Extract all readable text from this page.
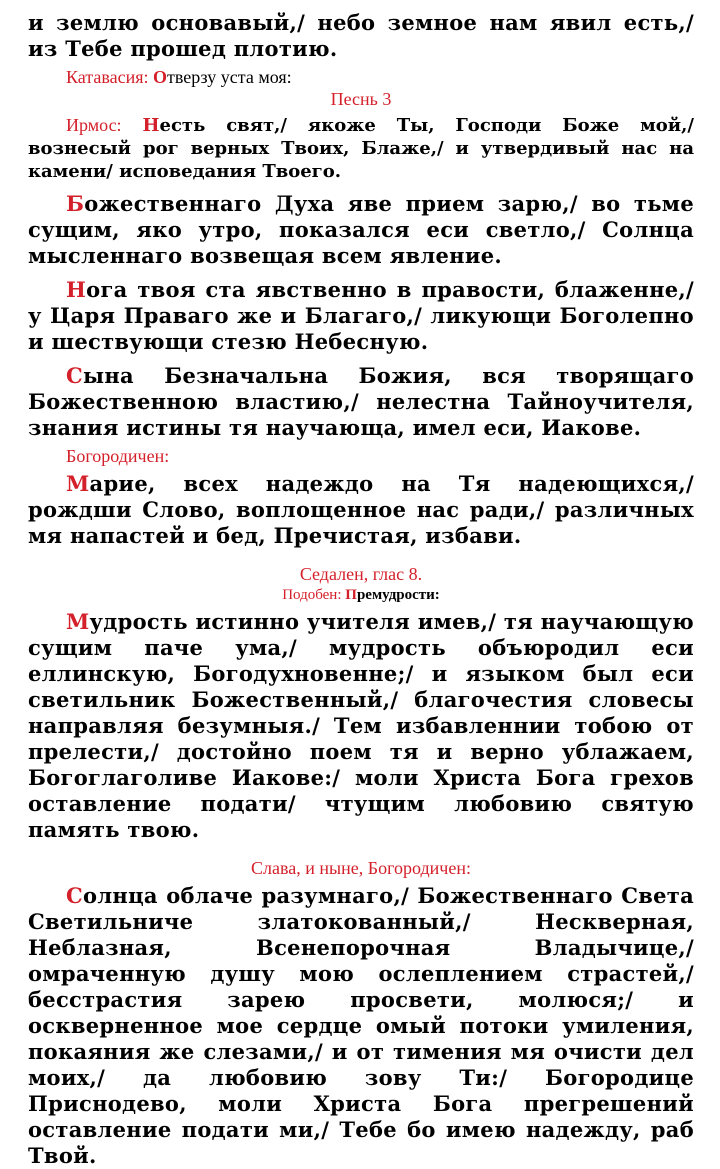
и землю основавый,/ небо земное нам явил есть,/ из Тебе прошед плотию.

Катавасия: Отверзу уста моя:

Песнь 3

Ирмос: Несть свят,/ якоже Ты, Господи Боже мой,/ вознесый рог верных Твоих, Блаже,/ и утвердивый нас на камени/ исповедания Твоего.

Божественнаго Духа яве прием зарю,/ во тьме сущим, яко утро, показался еси светло,/ Солнца мысленнаго возвещая всем явление.

Нога твоя ста явственно в правости, блаженне,/ у Царя Праваго же и Благаго,/ ликующи Боголепно и шествующи стезю Небесную.

Сына Безначальна Божия, вся творящаго Божественною властию,/ нелестна Тайноучителя, знания истины тя научающа, имел еси, Иакове.

Богородичен:

Марие, всех надеждо на Тя надеющихся,/ рождши Слово, воплощенное нас ради,/ различных мя напастей и бед, Пречистая, избави.

Седален, глас 8.

Подобен: Премудрости:

Мудрость истинно учителя имев,/ тя научающую сущим паче ума,/ мудрость объюродил еси еллинскую, Богодухновенне;/ и языком был еси светильник Божественный,/ благочестия словесы направляя безумныя./ Тем избавленнии тобою от прелести,/ достойно поем тя и верно ублажаем, Богоглаголиве Иакове:/ моли Христа Бога грехов оставление подати/ чтущим любовию святую память твою.

Слава, и ныне, Богородичен:

Солнца облаче разумнаго,/ Божественнаго Света Светильниче златокованный,/ Нескверная, Неблазная, Всенепорочная Владычице,/ омраченную душу мою ослеплением страстей,/ бесстрастия зарею просвети, молюся;/ и оскверненное мое сердце омый потоки умиления, покаяния же слезами,/ и от тимения мя очисти дел моих,/ да любовию зову Ти:/ Богородице Приснодево, моли Христа Бога прегрешений оставление подати ми,/ Тебе бо имею надежду, раб Твой.
